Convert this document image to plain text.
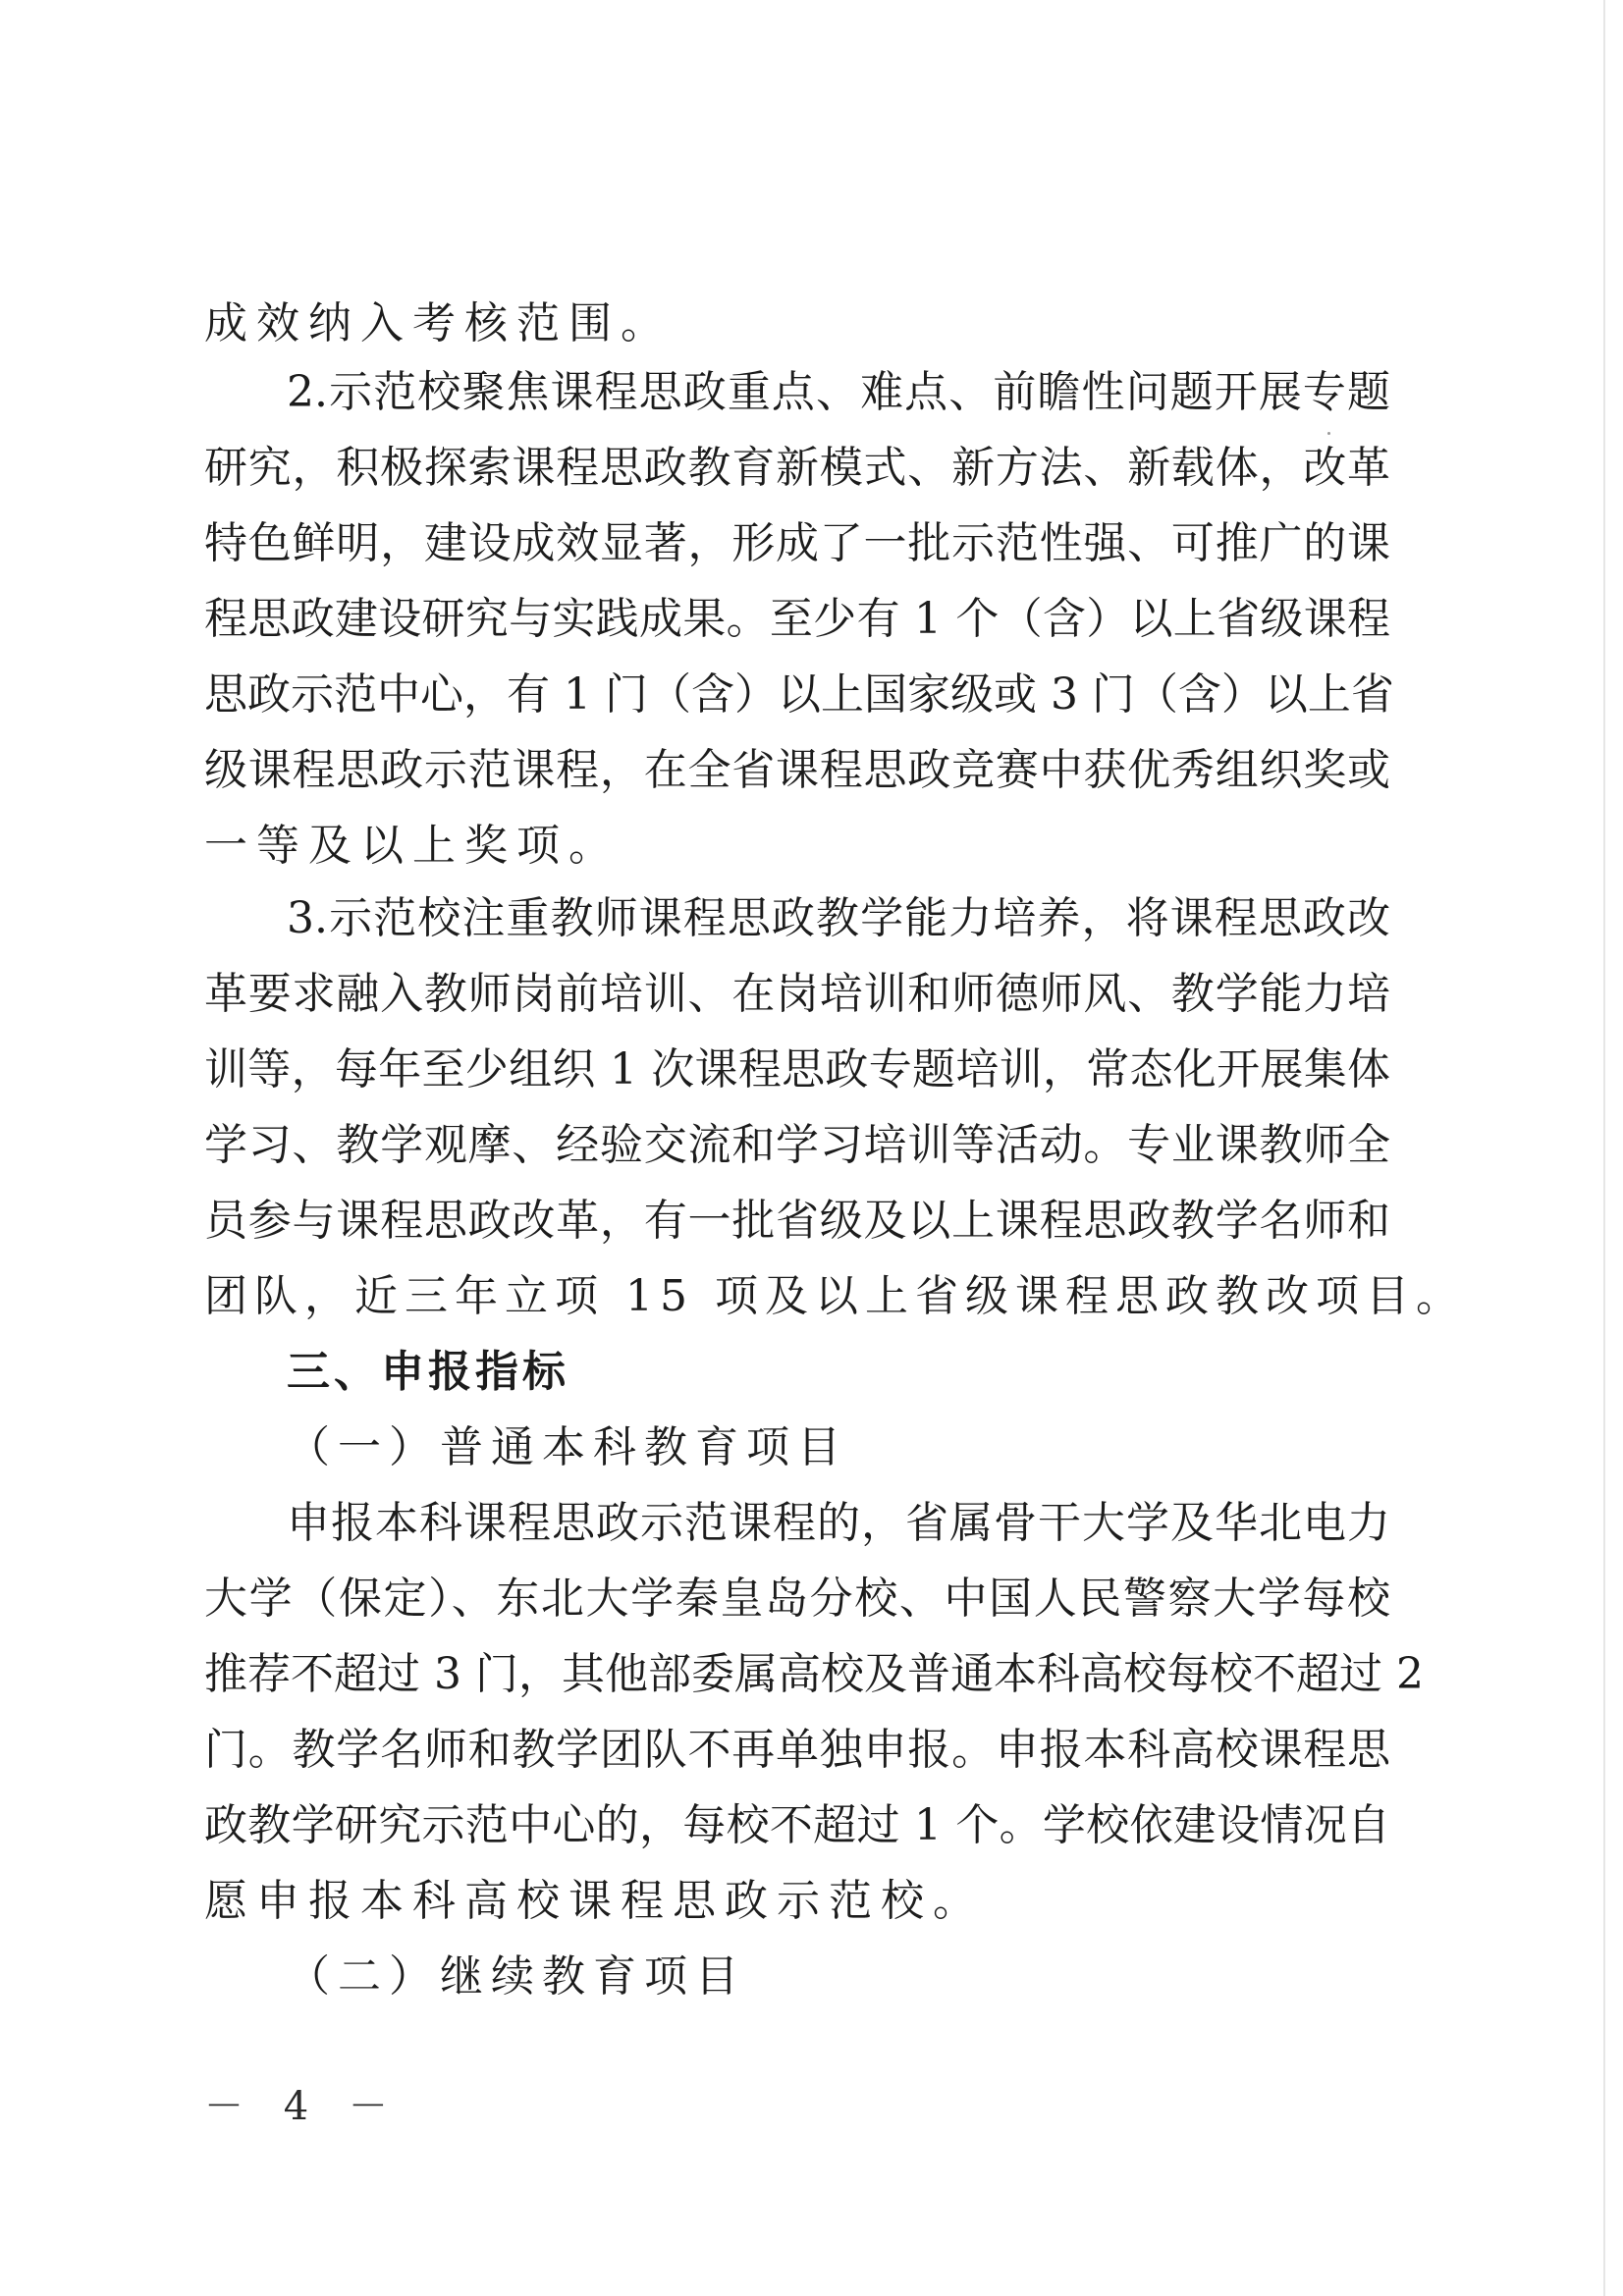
成效纳入考核范围。
2.示范校聚焦课程思政重点、难点、前瞻性问题开展专题
研究，积极探索课程思政教育新模式、新方法、新载体，改革
特色鲜明，建设成效显著，形成了一批示范性强、可推广的课
程思政建设研究与实践成果。至少有 1 个（含）以上省级课程
思政示范中心，有 1 门（含）以上国家级或 3 门（含）以上省
级课程思政示范课程，在全省课程思政竞赛中获优秀组织奖或
一等及以上奖项。
3.示范校注重教师课程思政教学能力培养，将课程思政改
革要求融入教师岗前培训、在岗培训和师德师风、教学能力培
训等，每年至少组织 1 次课程思政专题培训，常态化开展集体
学习、教学观摩、经验交流和学习培训等活动。专业课教师全
员参与课程思政改革，有一批省级及以上课程思政教学名师和
团队，近三年立项 15 项及以上省级课程思政教改项目。
三、申报指标
（一）普通本科教育项目
申报本科课程思政示范课程的，省属骨干大学及华北电力
大学（保定）、东北大学秦皇岛分校、中国人民警察大学每校
推荐不超过 3 门，其他部委属高校及普通本科高校每校不超过 2
门。教学名师和教学团队不再单独申报。申报本科高校课程思
政教学研究示范中心的，每校不超过 1 个。学校依建设情况自
愿申报本科高校课程思政示范校。
（二）继续教育项目
－ 4 －
